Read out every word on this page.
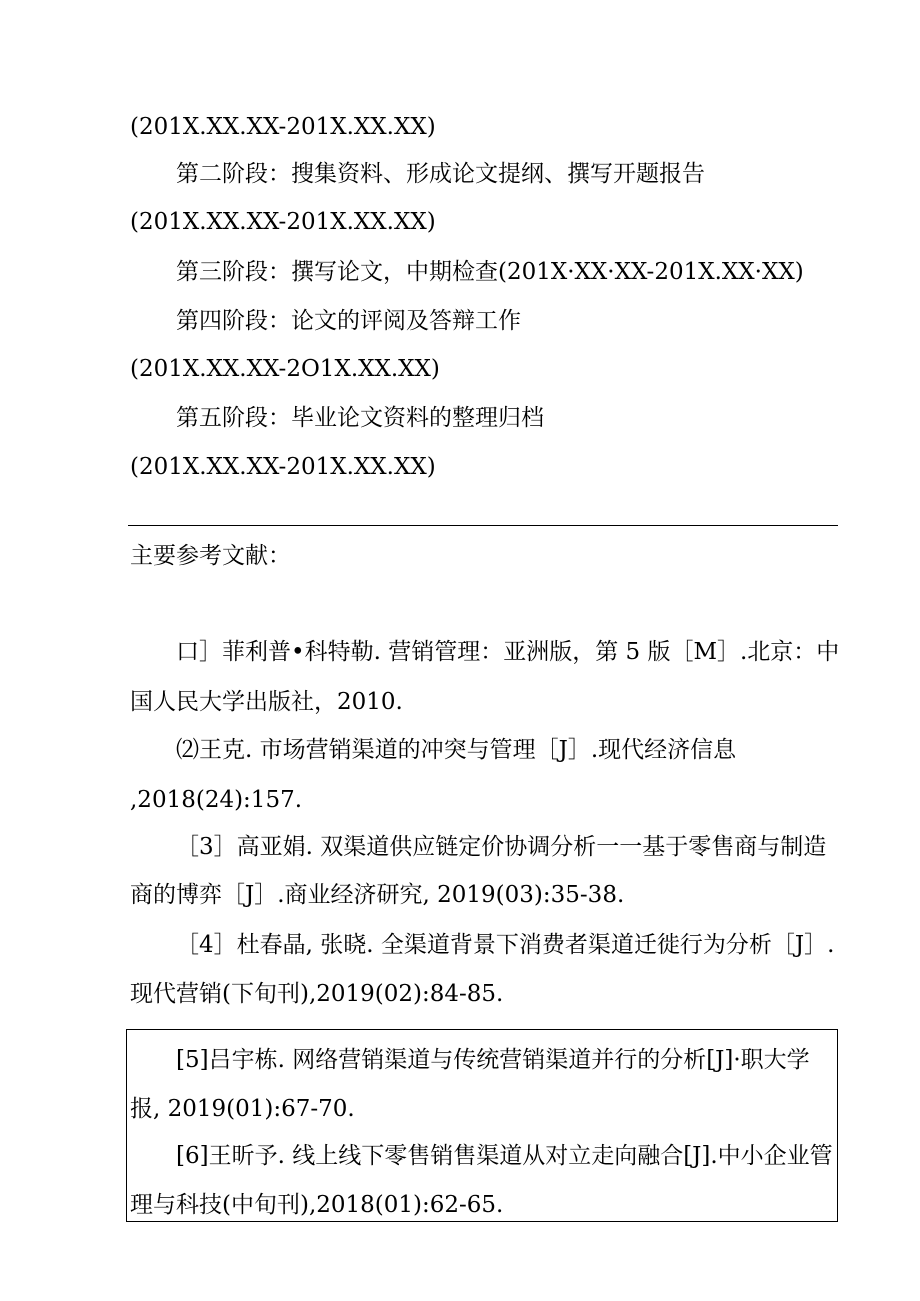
(201X.XX.XX-201X.XX.XX)
第二阶段：搜集资料、形成论文提纲、撰写开题报告
(201X.XX.XX-201X.XX.XX)
第三阶段：撰写论文，中期检查(201X·XX·XX-201X.XX·XX)
第四阶段：论文的评阅及答辩工作
(201X.XX.XX-2O1X.XX.XX)
第五阶段：毕业论文资料的整理归档
(201X.XX.XX-201X.XX.XX)
主要参考文献：
口］菲利普•科特勒. 营销管理：亚洲版，第 5 版［M］.北京：中
国人民大学出版社，2010.
⑵王克. 市场营销渠道的冲突与管理［J］.现代经济信息
,2018(24):157.
［3］高亚娟. 双渠道供应链定价协调分析一一基于零售商与制造
商的博弈［J］.商业经济研究, 2019(03):35-38.
［4］杜春晶, 张晓. 全渠道背景下消费者渠道迁徙行为分析［J］.
现代营销(下旬刊),2019(02):84-85.
[5]吕宇栋. 网络营销渠道与传统营销渠道并行的分析[J]·职大学
报, 2019(01):67-70.
[6]王昕予. 线上线下零售销售渠道从对立走向融合[J].中小企业管
理与科技(中旬刊),2018(01):62-65.
